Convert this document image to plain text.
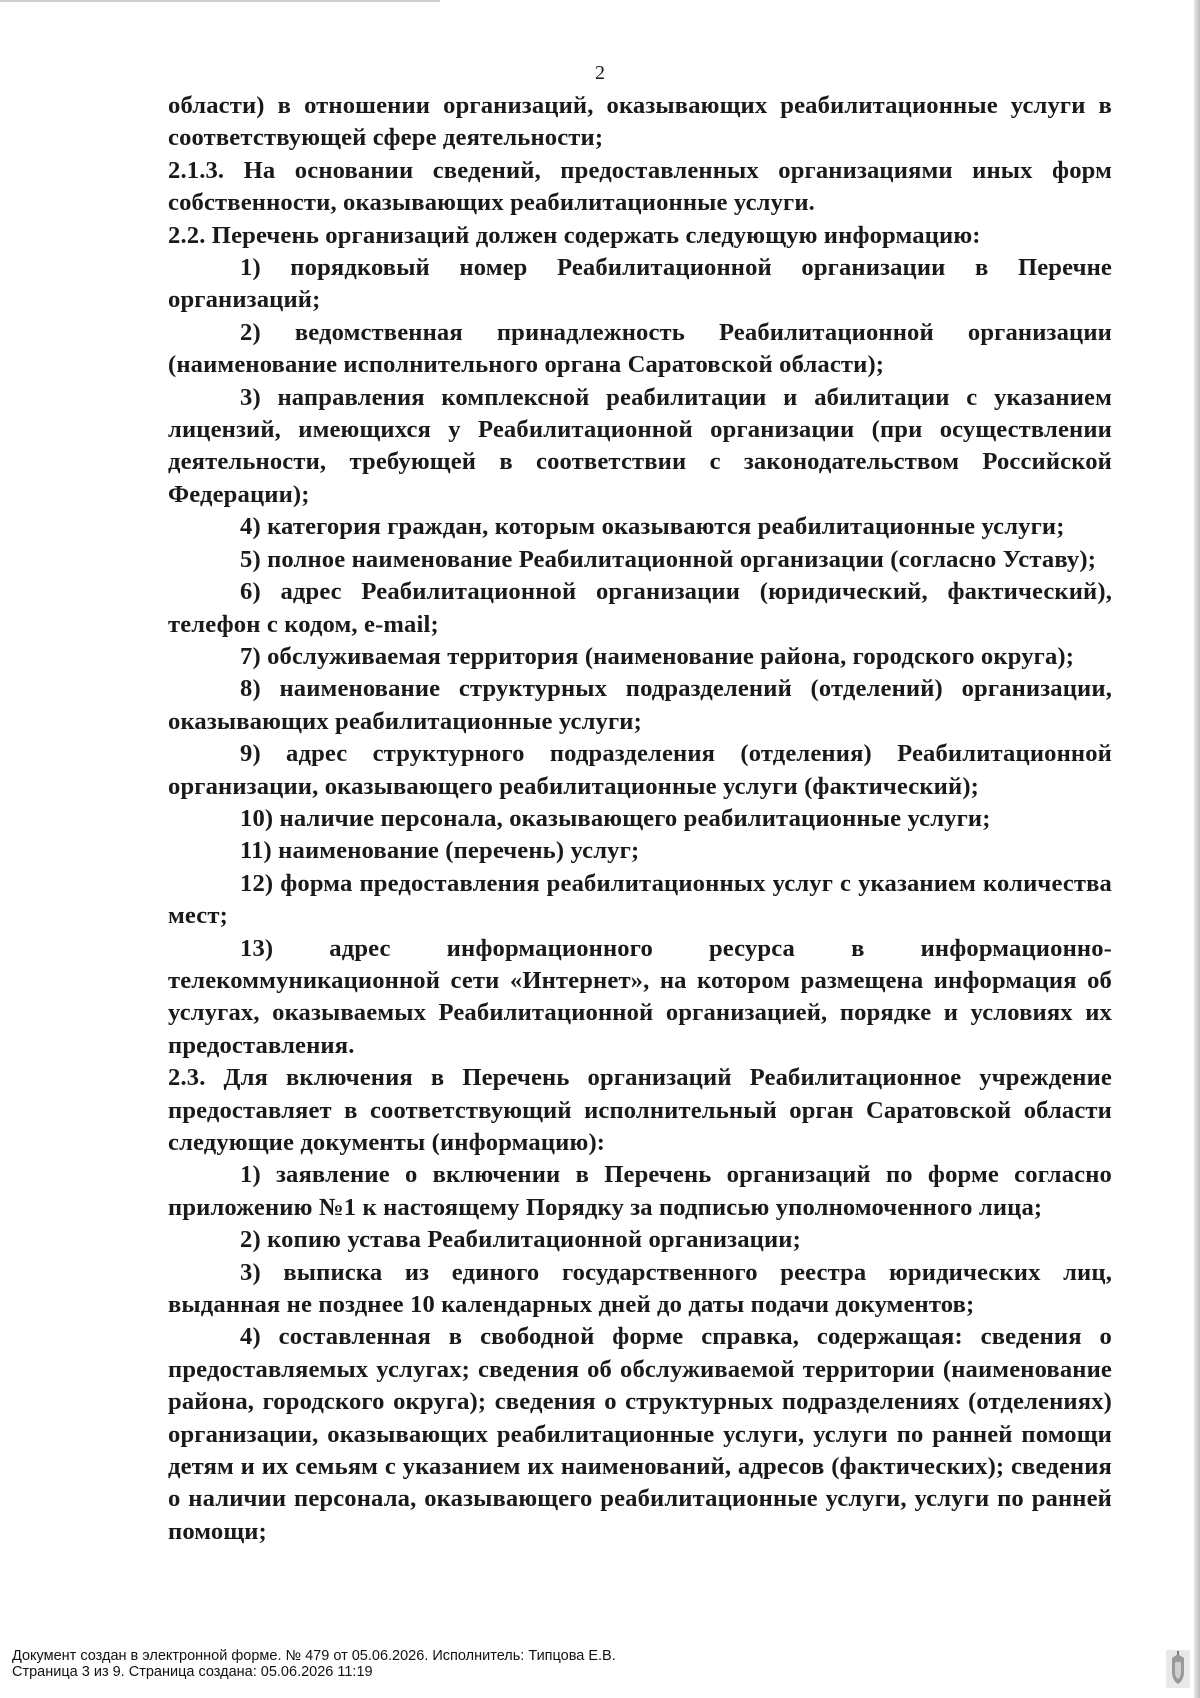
2

области) в отношении организаций, оказывающих реабилитационные услуги в соответствующей сфере деятельности;

2.1.3. На основании сведений, предоставленных организациями иных форм собственности, оказывающих реабилитационные услуги.

2.2. Перечень организаций должен содержать следующую информацию:

1) порядковый номер Реабилитационной организации в Перечне организаций;

2) ведомственная принадлежность Реабилитационной организации (наименование исполнительного органа Саратовской области);

3) направления комплексной реабилитации и абилитации с указанием лицензий, имеющихся у Реабилитационной организации (при осуществлении деятельности, требующей в соответствии с законодательством Российской Федерации);

4) категория граждан, которым оказываются реабилитационные услуги;

5) полное наименование Реабилитационной организации (согласно Уставу);

6) адрес Реабилитационной организации (юридический, фактический), телефон с кодом, e-mail;

7) обслуживаемая территория (наименование района, городского округа);

8) наименование структурных подразделений (отделений) организации, оказывающих реабилитационные услуги;

9) адрес структурного подразделения (отделения) Реабилитационной организации, оказывающего реабилитационные услуги (фактический);

10) наличие персонала, оказывающего реабилитационные услуги;

11) наименование (перечень) услуг;

12) форма предоставления реабилитационных услуг с указанием количества мест;

13) адрес информационного ресурса в информационно-телекоммуникационной сети «Интернет», на котором размещена информация об услугах, оказываемых Реабилитационной организацией, порядке и условиях их предоставления.

2.3. Для включения в Перечень организаций Реабилитационное учреждение предоставляет в соответствующий исполнительный орган Саратовской области следующие документы (информацию):

1) заявление о включении в Перечень организаций по форме согласно приложению №1 к настоящему Порядку за подписью уполномоченного лица;

2) копию устава Реабилитационной организации;

3) выписка из единого государственного реестра юридических лиц, выданная не позднее 10 календарных дней до даты подачи документов;

4) составленная в свободной форме справка, содержащая: сведения о предоставляемых услугах; сведения об обслуживаемой территории (наименование района, городского округа); сведения о структурных подразделениях (отделениях) организации, оказывающих реабилитационные услуги, услуги по ранней помощи детям и их семьям с указанием их наименований, адресов (фактических); сведения о наличии персонала, оказывающего реабилитационные услуги, услуги по ранней помощи;

Документ создан в электронной форме. № 479 от 05.06.2026. Исполнитель: Типцова Е.В.
Страница 3 из 9. Страница создана: 05.06.2026 11:19
